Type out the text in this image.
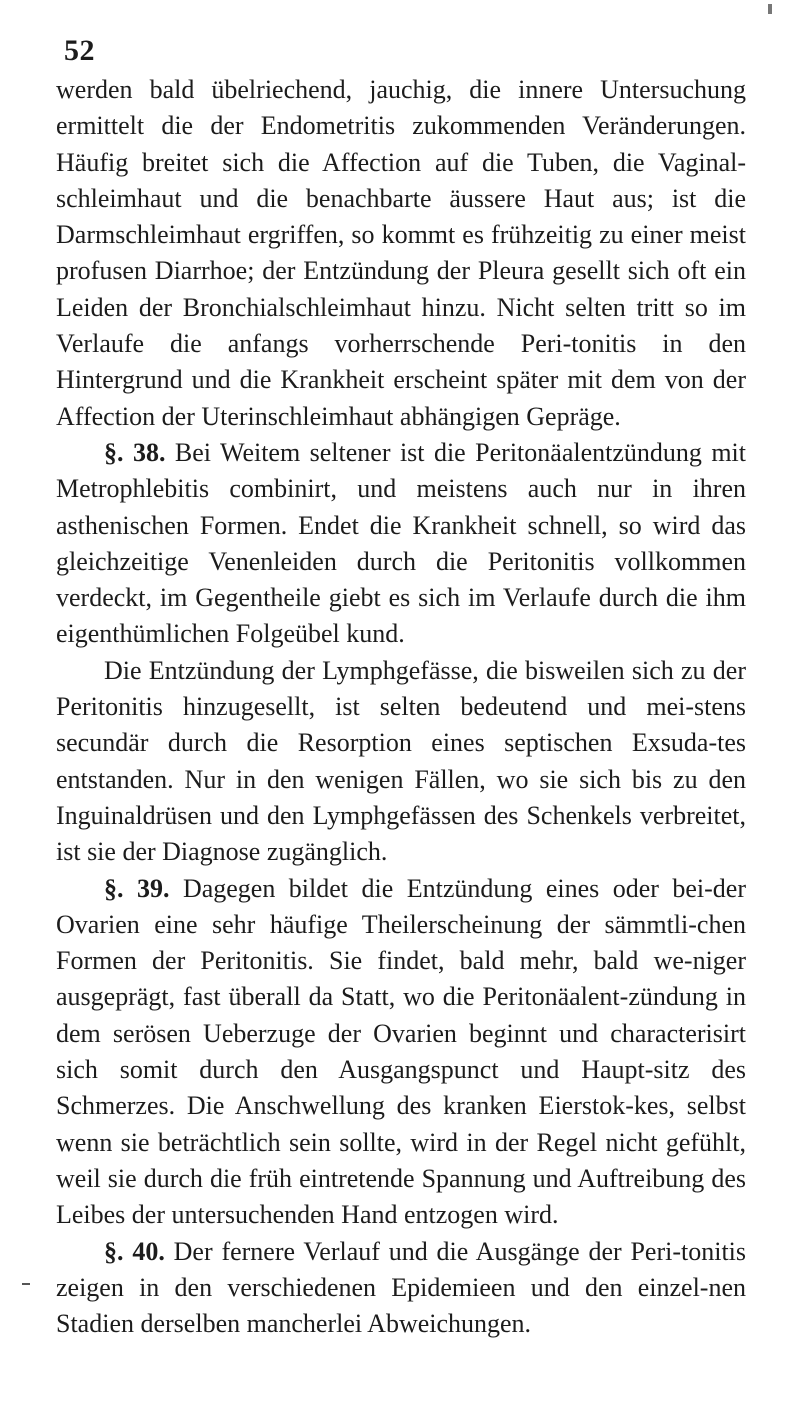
52

werden bald übelriechend, jauchig, die innere Untersuchung ermittelt die der Endometritis zukommenden Veränderungen. Häufig breitet sich die Affection auf die Tuben, die Vaginal-schleimhaut und die benachbarte äussere Haut aus; ist die Darmschleimhaut ergriffen, so kommt es frühzeitig zu einer meist profusen Diarrhoe; der Entzündung der Pleura gesellt sich oft ein Leiden der Bronchialschleimhaut hinzu. Nicht selten tritt so im Verlaufe die anfangs vorherrschende Peri-tonitis in den Hintergrund und die Krankheit erscheint später mit dem von der Affection der Uterinschleimhaut abhängigen Gepräge.

§. 38. Bei Weitem seltener ist die Peritonäalentzündung mit Metrophlebitis combinirt, und meistens auch nur in ihren asthenischen Formen. Endet die Krankheit schnell, so wird das gleichzeitige Venenleiden durch die Peritonitis vollkommen verdeckt, im Gegentheile giebt es sich im Verlaufe durch die ihm eigenthümlichen Folgeübel kund.

Die Entzündung der Lymphgefässe, die bisweilen sich zu der Peritonitis hinzugesellt, ist selten bedeutend und mei-stens secundär durch die Resorption eines septischen Exsuda-tes entstanden. Nur in den wenigen Fällen, wo sie sich bis zu den Inguinaldrüsen und den Lymphgefässen des Schenkels verbreitet, ist sie der Diagnose zugänglich.

§. 39. Dagegen bildet die Entzündung eines oder bei-der Ovarien eine sehr häufige Theilerscheinung der sämmtli-chen Formen der Peritonitis. Sie findet, bald mehr, bald we-niger ausgeprägt, fast überall da Statt, wo die Peritonäalent-zündung in dem serösen Ueberzuge der Ovarien beginnt und characterisirt sich somit durch den Ausgangspunct und Haupt-sitz des Schmerzes. Die Anschwellung des kranken Eierstok-kes, selbst wenn sie beträchtlich sein sollte, wird in der Regel nicht gefühlt, weil sie durch die früh eintretende Spannung und Auftreibung des Leibes der untersuchenden Hand entzogen wird.

§. 40. Der fernere Verlauf und die Ausgänge der Peri-tonitis zeigen in den verschiedenen Epidemieen und den einzel-nen Stadien derselben mancherlei Abweichungen.
